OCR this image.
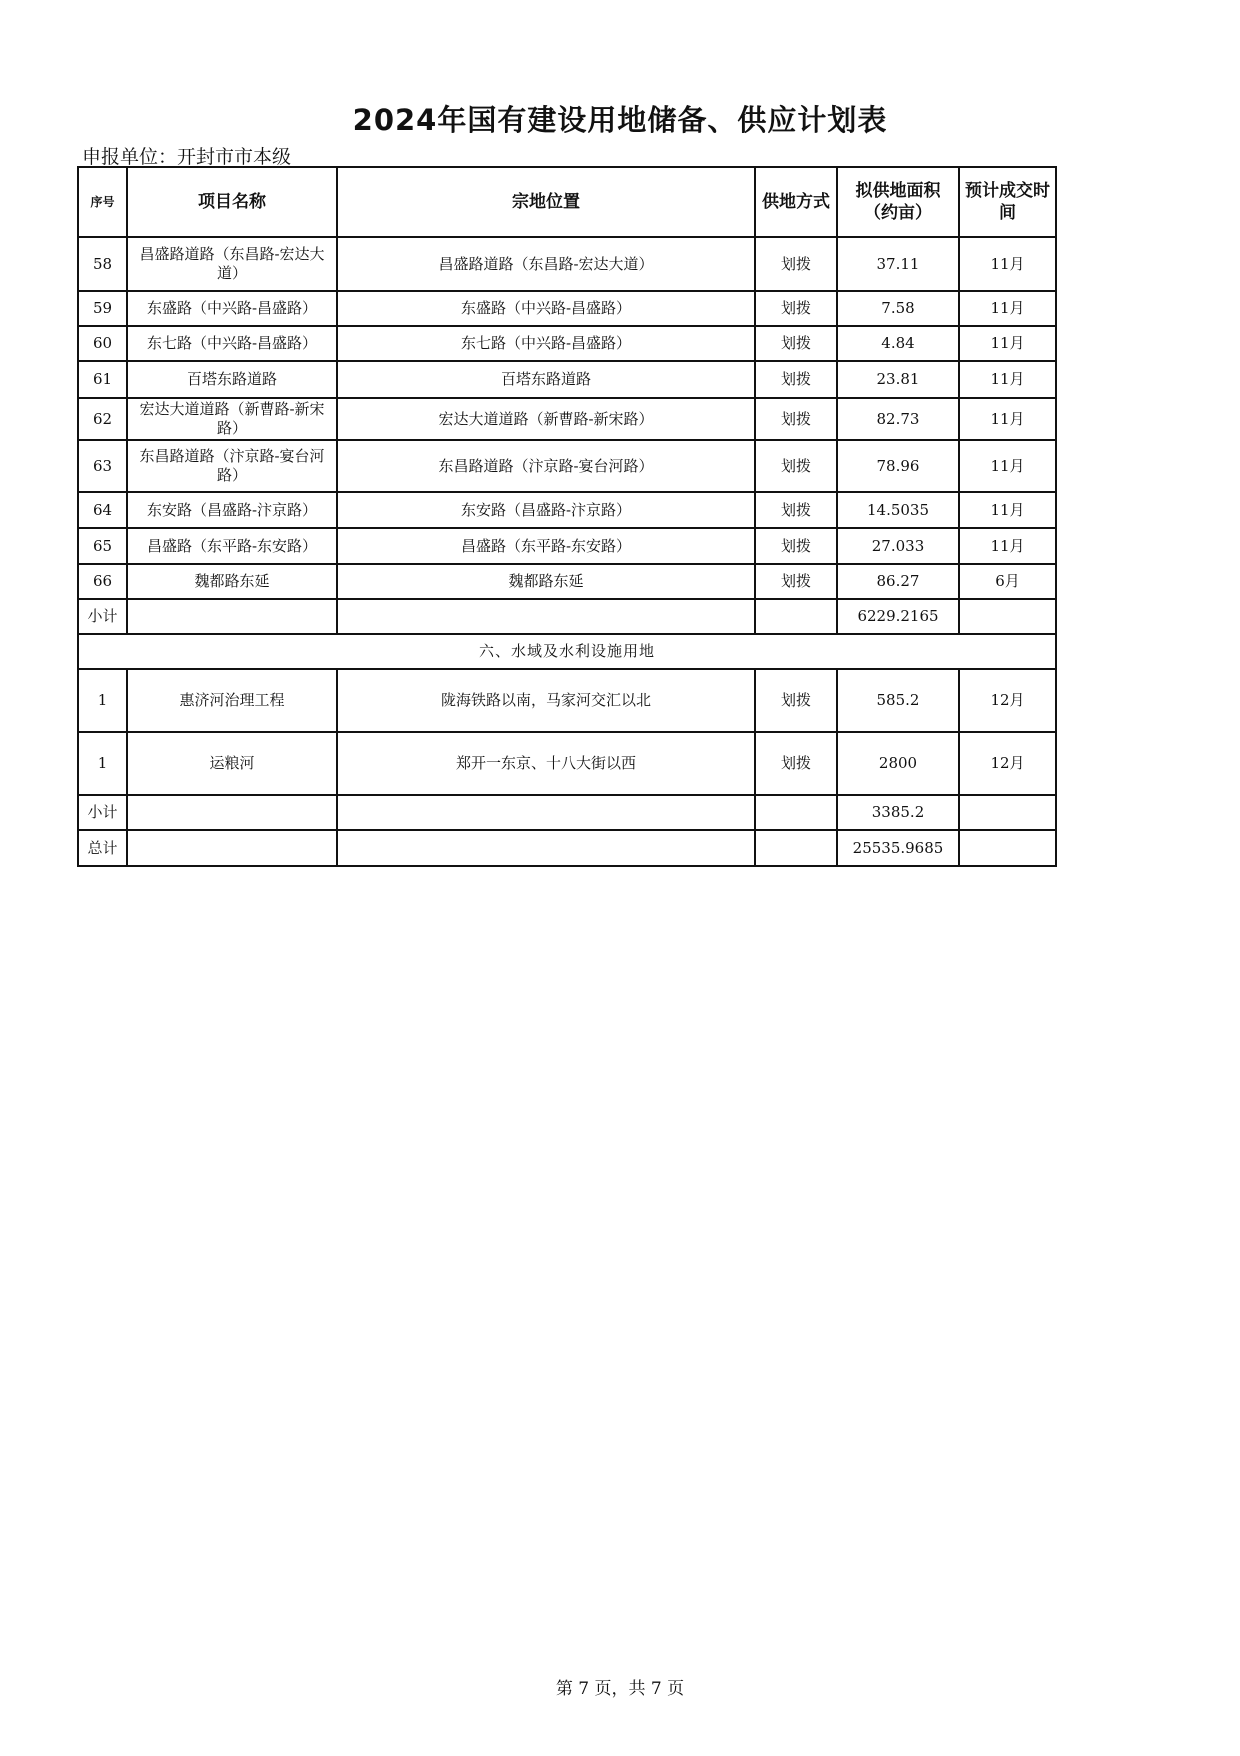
2024年国有建设用地储备、供应计划表
申报单位：开封市市本级
序号	项目名称	宗地位置	供地方式	拟供地面积（约亩）	预计成交时间
58	昌盛路道路（东昌路-宏达大道）	昌盛路道路（东昌路-宏达大道）	划拨	37.11	11月
59	东盛路（中兴路-昌盛路）	东盛路（中兴路-昌盛路）	划拨	7.58	11月
60	东七路（中兴路-昌盛路）	东七路（中兴路-昌盛路）	划拨	4.84	11月
61	百塔东路道路	百塔东路道路	划拨	23.81	11月
62	宏达大道道路（新曹路-新宋路）	宏达大道道路（新曹路-新宋路）	划拨	82.73	11月
63	东昌路道路（汴京路-宴台河路）	东昌路道路（汴京路-宴台河路）	划拨	78.96	11月
64	东安路（昌盛路-汴京路）	东安路（昌盛路-汴京路）	划拨	14.5035	11月
65	昌盛路（东平路-东安路）	昌盛路（东平路-东安路）	划拨	27.033	11月
66	魏都路东延	魏都路东延	划拨	86.27	6月
小计				6229.2165	
六、水域及水利设施用地					
1	惠济河治理工程	陇海铁路以南，马家河交汇以北	划拨	585.2	12月
1	运粮河	郑开一东京、十八大街以西	划拨	2800	12月
小计				3385.2	
总计				25535.9685	
第 7 页，共 7 页
